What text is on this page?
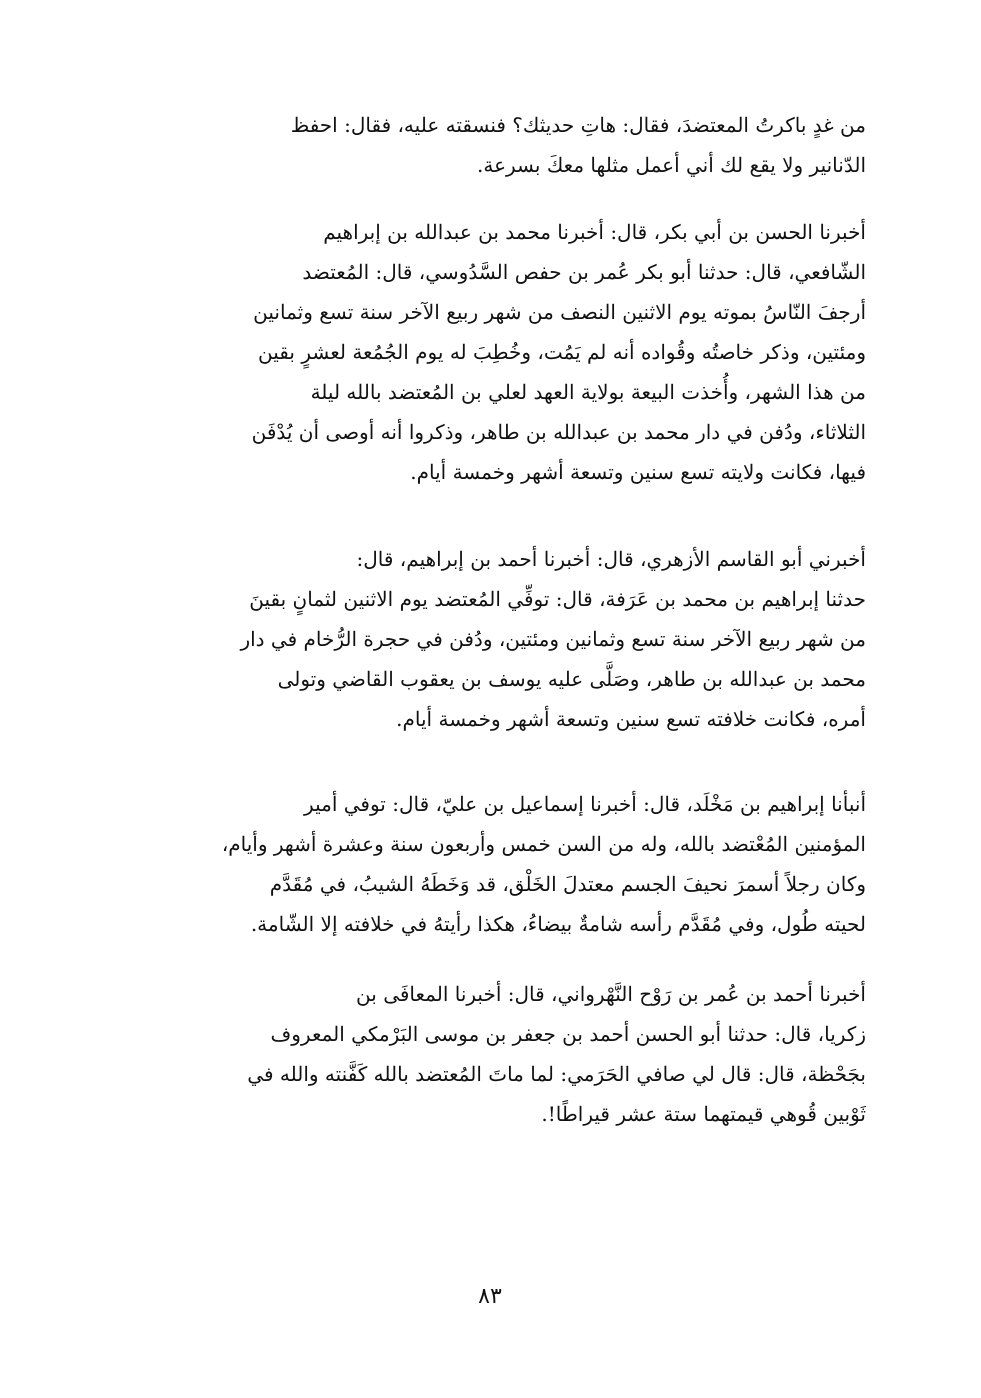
من غدٍ باكرتُ المعتضدَ، فقال: هاتِ حديثك؟ فنسقته عليه، فقال: احفظ
الدّنانير ولا يقع لك أني أعمل مثلها معكَ بسرعة.

أخبرنا الحسن بن أبي بكر، قال: أخبرنا محمد بن عبدالله بن إبراهيم
الشّافعي، قال: حدثنا أبو بكر عُمر بن حفص السَّدُوسي، قال: المُعتضد
أرجفَ النّاسُ بموته يوم الاثنين النصف من شهر ربيع الآخر سنة تسع وثمانين
ومئتين، وذكر خاصتُه وقُواده أنه لم يَمُت، وخُطِبَ له يوم الجُمُعة لعشرٍ بقين
من هذا الشهر، وأُخذت البيعة بولاية العهد لعلي بن المُعتضد بالله ليلة
الثلاثاء، ودُفن في دار محمد بن عبدالله بن طاهر، وذكروا أنه أوصى أن يُدْفَن
فيها، فكانت ولايته تسع سنين وتسعة أشهر وخمسة أيام.

أخبرني أبو القاسم الأزهري، قال: أخبرنا أحمد بن إبراهيم، قال:
حدثنا إبراهيم بن محمد بن عَرَفة، قال: توفِّي المُعتضد يوم الاثنين لثمانٍ بقينَ
من شهر ربيع الآخر سنة تسع وثمانين ومئتين، ودُفن في حجرة الرُّخام في دار
محمد بن عبدالله بن طاهر، وصَلَّى عليه يوسف بن يعقوب القاضي وتولى
أمره، فكانت خلافته تسع سنين وتسعة أشهر وخمسة أيام.

أنبأنا إبراهيم بن مَخْلَد، قال: أخبرنا إسماعيل بن عليّ، قال: توفي أمير
المؤمنين المُعْتضد بالله، وله من السن خمس وأربعون سنة وعشرة أشهر وأيام،
وكان رجلاً أسمرَ نحيفَ الجسم معتدلَ الخَلْق، قد وَخَطَهُ الشيبُ، في مُقَدَّم
لحيته طُول، وفي مُقَدَّم رأسه شامةٌ بيضاءُ، هكذا رأيتهُ في خلافته إلا الشّامة.

أخبرنا أحمد بن عُمر بن رَوْح النَّهْرواني، قال: أخبرنا المعافَى بن
زكريا، قال: حدثنا أبو الحسن أحمد بن جعفر بن موسى البَرْمكي المعروف
بجَحْظة، قال: قال لي صافي الحَرَمي: لما ماتَ المُعتضد بالله كَفَّنته والله في
ثَوْبين قُوهي قيمتهما ستة عشر قيراطًا!.

٨٣
